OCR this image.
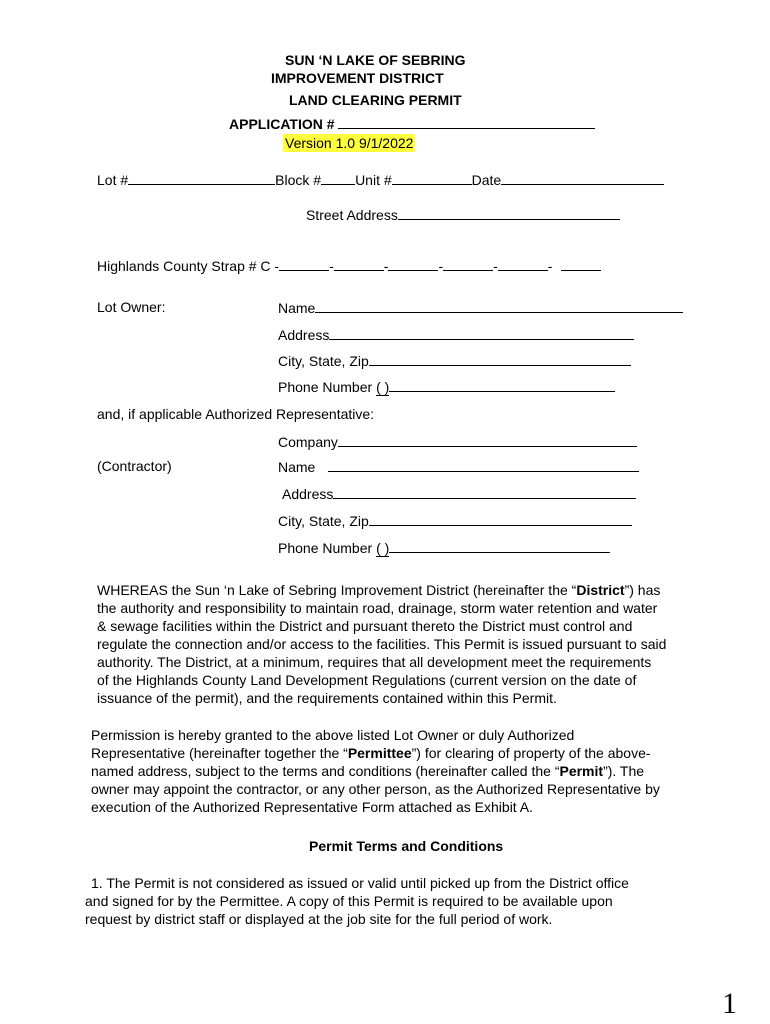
SUN ‘N LAKE OF SEBRING
IMPROVEMENT DISTRICT
LAND CLEARING PERMIT
APPLICATION #
Version 1.0 9/1/2022
Lot #	Block # Unit #	Date
Street Address
Highlands County Strap # C -	-	-	-	-	-
Lot Owner:	Name
Address
City, State, Zip
Phone Number ( )
and, if applicable Authorized Representative:
Company
(Contractor)	Name
Address
City, State, Zip
Phone Number ( )
WHEREAS the Sun ‘n Lake of Sebring Improvement District (hereinafter the “District”) has
the authority and responsibility to maintain road, drainage, storm water retention and water
& sewage facilities within the District and pursuant thereto the District must control and
regulate the connection and/or access to the facilities. This Permit is issued pursuant to said
authority. The District, at a minimum, requires that all development meet the requirements
of the Highlands County Land Development Regulations (current version on the date of
issuance of the permit), and the requirements contained within this Permit.
Permission is hereby granted to the above listed Lot Owner or duly Authorized
Representative (hereinafter together the “Permittee”) for clearing of property of the above-
named address, subject to the terms and conditions (hereinafter called the “Permit”). The
owner may appoint the contractor, or any other person, as the Authorized Representative by
execution of the Authorized Representative Form attached as Exhibit A.
Permit Terms and Conditions
1. The Permit is not considered as issued or valid until picked up from the District office
and signed for by the Permittee. A copy of this Permit is required to be available upon
request by district staff or displayed at the job site for the full period of work.
1
